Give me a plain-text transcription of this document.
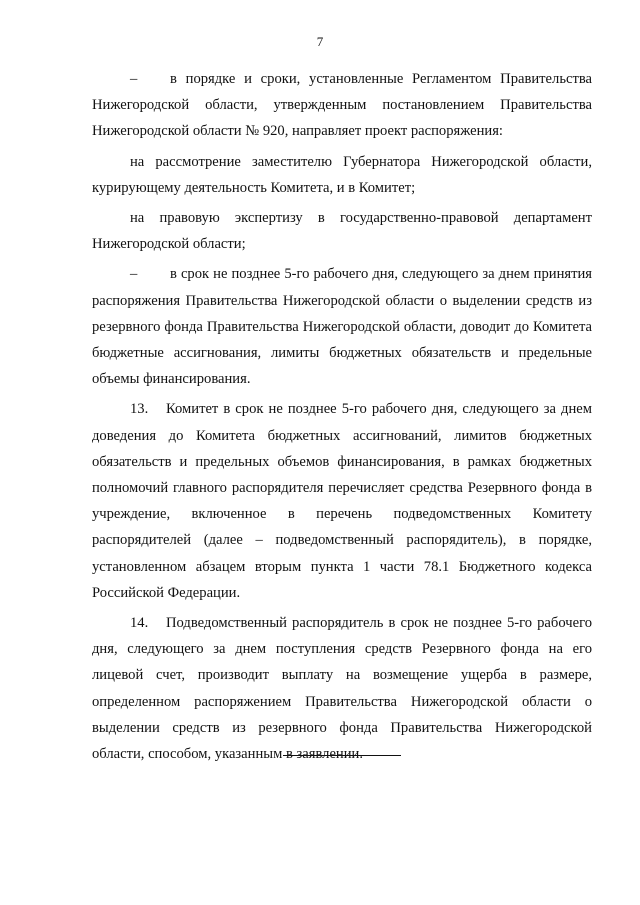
7

– в порядке и сроки, установленные Регламентом Правительства Нижегородской области, утвержденным постановлением Правительства Нижегородской области № 920, направляет проект распоряжения:

на рассмотрение заместителю Губернатора Нижегородской области, курирующему деятельность Комитета, и в Комитет;

на правовую экспертизу в государственно-правовой департамент Нижегородской области;

– в срок не позднее 5-го рабочего дня, следующего за днем принятия распоряжения Правительства Нижегородской области о выделении средств из резервного фонда Правительства Нижегородской области, доводит до Комитета бюджетные ассигнования, лимиты бюджетных обязательств и предельные объемы финансирования.

13. Комитет в срок не позднее 5-го рабочего дня, следующего за днем доведения до Комитета бюджетных ассигнований, лимитов бюджетных обязательств и предельных объемов финансирования, в рамках бюджетных полномочий главного распорядителя перечисляет средства Резервного фонда в учреждение, включенное в перечень подведомственных Комитету распорядителей (далее – подведомственный распорядитель), в порядке, установленном абзацем вторым пункта 1 части 78.1 Бюджетного кодекса Российской Федерации.

14. Подведомственный распорядитель в срок не позднее 5-го рабочего дня, следующего за днем поступления средств Резервного фонда на его лицевой счет, производит выплату на возмещение ущерба в размере, определенном распоряжением Правительства Нижегородской области о выделении средств из резервного фонда Правительства Нижегородской области, способом, указанным в заявлении.
